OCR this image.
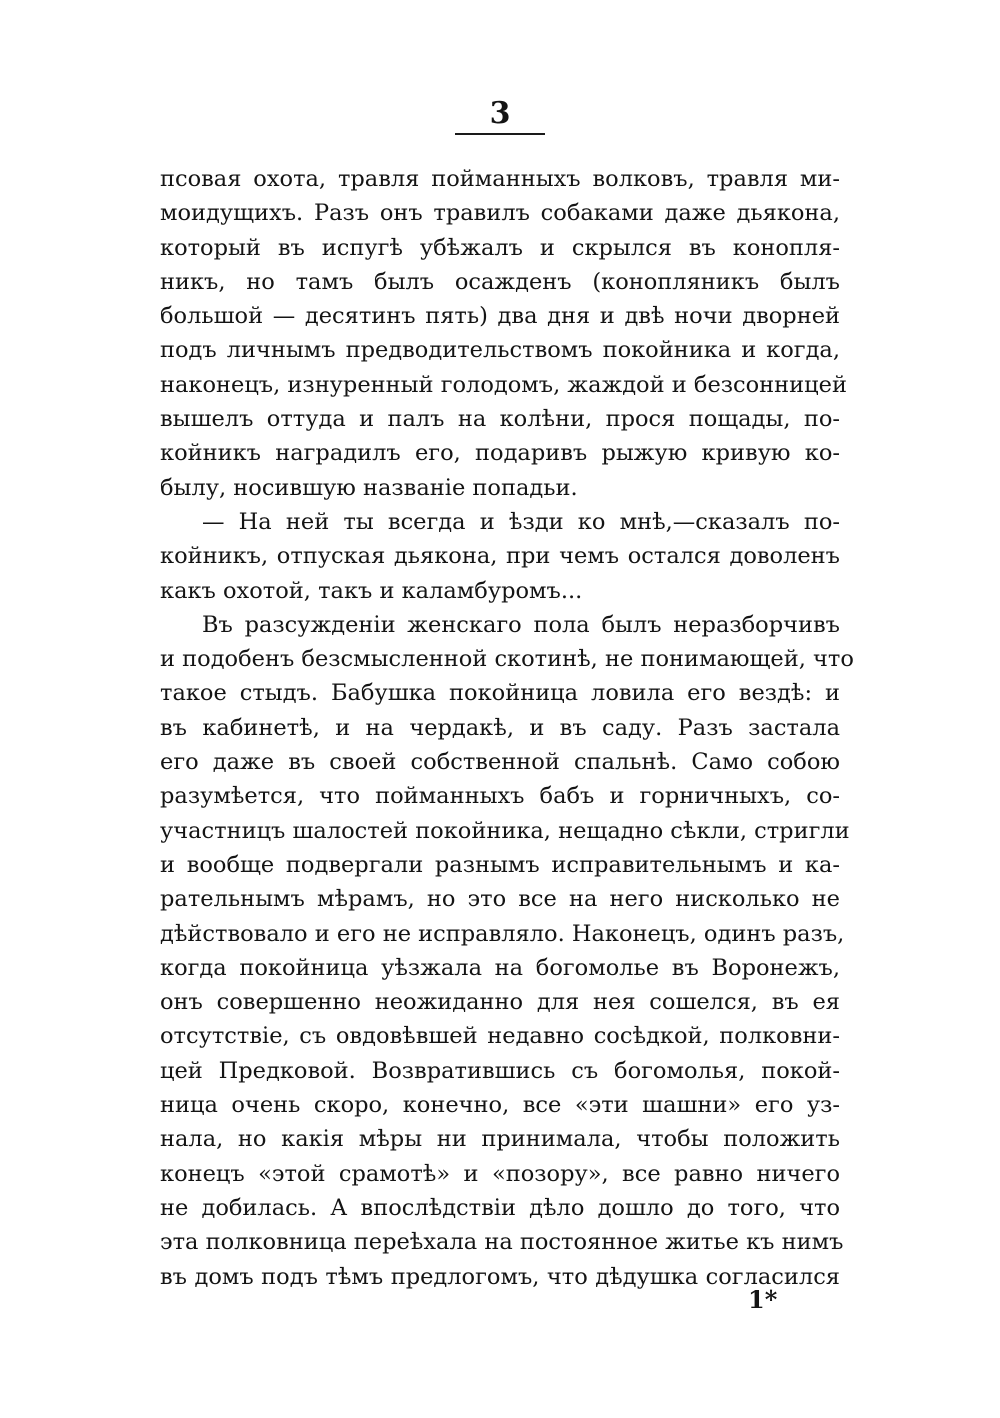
3
псовая охота, травля пойманныхъ волковъ, травля ми-
моидущихъ. Разъ онъ травилъ собаками даже дьякона,
который въ испугѣ убѣжалъ и скрылся въ конопля-
никъ, но тамъ былъ осажденъ (конопляникъ былъ
большой — десятинъ пять) два дня и двѣ ночи дворней
подъ личнымъ предводительствомъ покойника и когда,
наконецъ, изнуренный голодомъ, жаждой и безсонницей
вышелъ оттуда и палъ на колѣни, прося пощады, по-
койникъ наградилъ его, подаривъ рыжую кривую ко-
былу, носившую названіе попадьи.
— На ней ты всегда и ѣзди ко мнѣ,—сказалъ по-
койникъ, отпуская дьякона, при чемъ остался доволенъ
какъ охотой, такъ и каламбуромъ...
Въ разсужденіи женскаго пола былъ неразборчивъ
и подобенъ безсмысленной скотинѣ, не понимающей, что
такое стыдъ. Бабушка покойница ловила его вездѣ: и
въ кабинетѣ, и на чердакѣ, и въ саду. Разъ застала
его даже въ своей собственной спальнѣ. Само собою
разумѣется, что пойманныхъ бабъ и горничныхъ, со-
участницъ шалостей покойника, нещадно сѣкли, стригли
и вообще подвергали разнымъ исправительнымъ и ка-
рательнымъ мѣрамъ, но это все на него нисколько не
дѣйствовало и его не исправляло. Наконецъ, одинъ разъ,
когда покойница уѣзжала на богомолье въ Воронежъ,
онъ совершенно неожиданно для нея сошелся, въ ея
отсутствіе, съ овдовѣвшей недавно сосѣдкой, полковни-
цей Предковой. Возвратившись съ богомолья, покой-
ница очень скоро, конечно, все «эти шашни» его уз-
нала, но какія мѣры ни принимала, чтобы положить
конецъ «этой срамотѣ» и «позору», все равно ничего
не добилась. А впослѣдствіи дѣло дошло до того, что
эта полковница переѣхала на постоянное житье къ нимъ
въ домъ подъ тѣмъ предлогомъ, что дѣдушка согласился
1*
